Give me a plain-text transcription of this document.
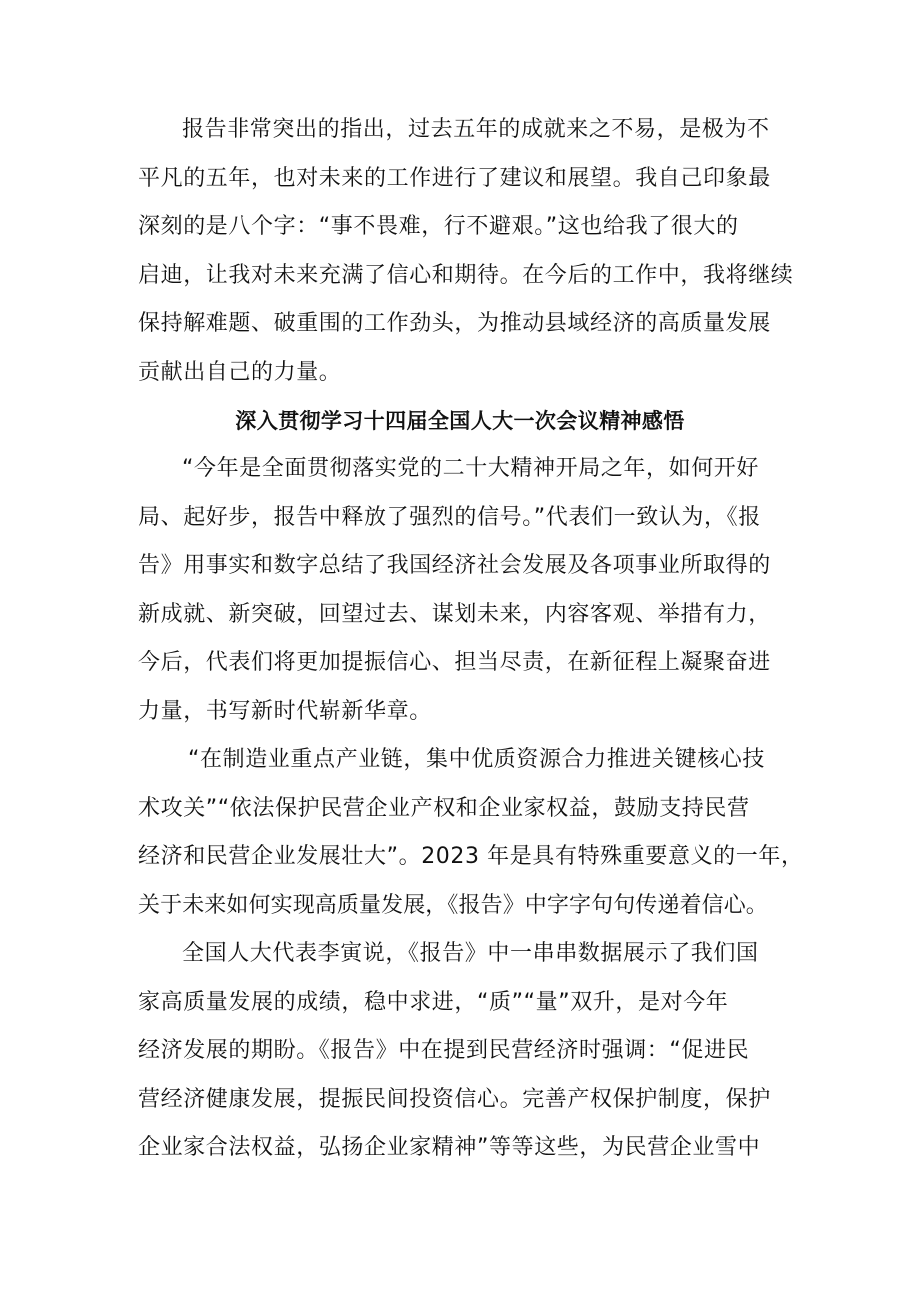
报告非常突出的指出，过去五年的成就来之不易，是极为不
平凡的五年，也对未来的工作进行了建议和展望。我自己印象最
深刻的是八个字：“事不畏难，行不避艰。”这也给我了很大的
启迪，让我对未来充满了信心和期待。在今后的工作中，我将继续
保持解难题、破重围的工作劲头，为推动县域经济的高质量发展
贡献出自己的力量。
深入贯彻学习十四届全国人大一次会议精神感悟
“今年是全面贯彻落实党的二十大精神开局之年，如何开好
局、起好步，报告中释放了强烈的信号。”代表们一致认为，《报
告》用事实和数字总结了我国经济社会发展及各项事业所取得的
新成就、新突破，回望过去、谋划未来，内容客观、举措有力，
今后，代表们将更加提振信心、担当尽责，在新征程上凝聚奋进
力量，书写新时代崭新华章。
“在制造业重点产业链，集中优质资源合力推进关键核心技
术攻关”“依法保护民营企业产权和企业家权益，鼓励支持民营
经济和民营企业发展壮大”。2023 年是具有特殊重要意义的一年，
关于未来如何实现高质量发展，《报告》中字字句句传递着信心。
全国人大代表李寅说，《报告》中一串串数据展示了我们国
家高质量发展的成绩，稳中求进，“质”“量”双升，是对今年
经济发展的期盼。《报告》中在提到民营经济时强调：“促进民
营经济健康发展，提振民间投资信心。完善产权保护制度，保护
企业家合法权益，弘扬企业家精神”等等这些，为民营企业雪中
